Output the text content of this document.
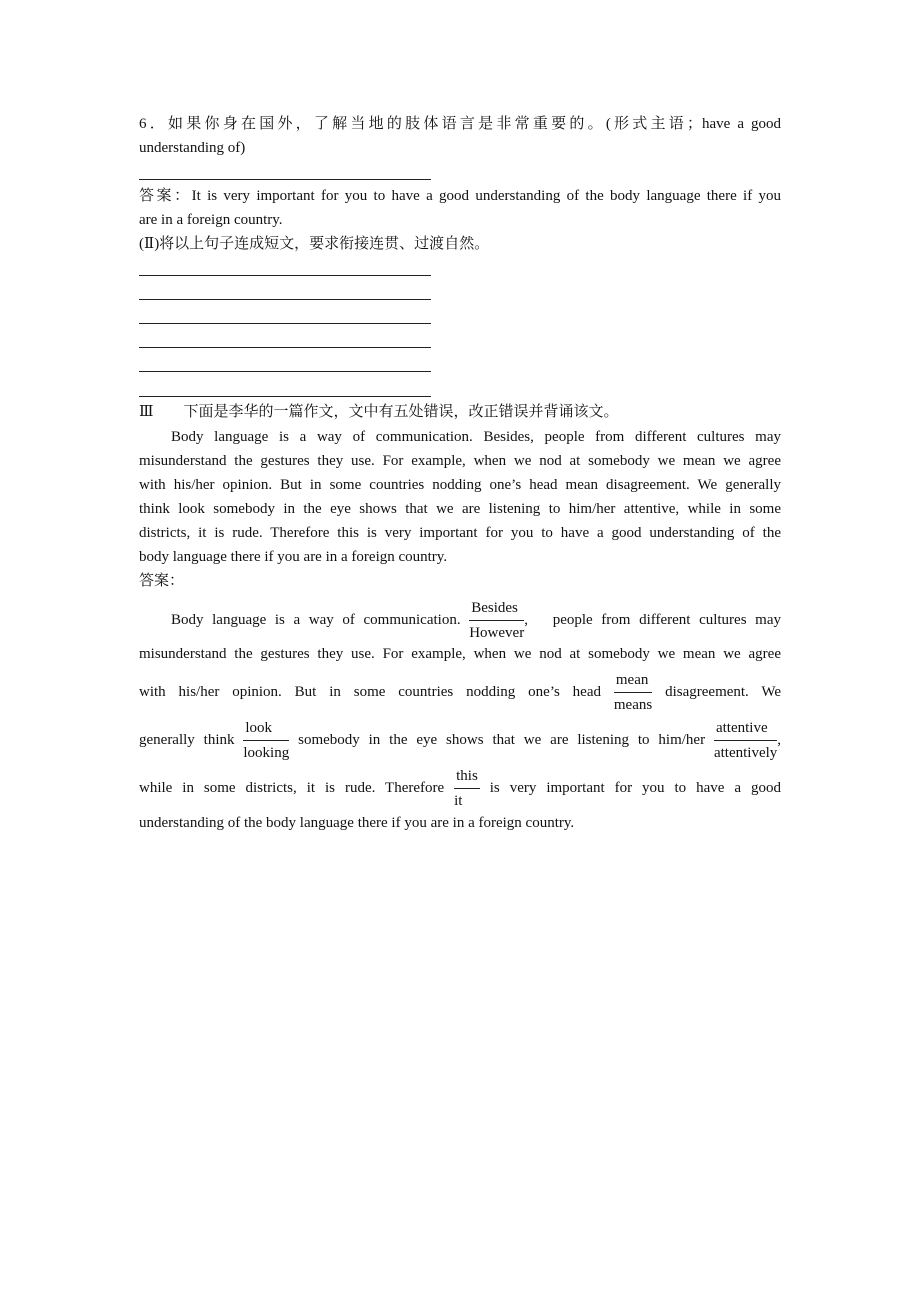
6．如果你身在国外，了解当地的肢体语言是非常重要的。(形式主语；have a good
understanding of)
答案：It is very important for you to have a good understanding of the body language there if you
are in a foreign country.
(Ⅱ)将以上句子连成短文，要求衔接连贯、过渡自然。
Ⅲ　　下面是李华的一篇作文，文中有五处错误，改正错误并背诵该文。
Body language is a way of communication. Besides, people from different cultures may
misunderstand the gestures they use. For example, when we nod at somebody we mean we agree
with his/her opinion. But in some countries nodding one’s head mean disagreement. We generally
think look somebody in the eye shows that we are listening to him/her attentive, while in some
districts, it is rude. Therefore this is very important for you to have a good understanding of the
body language there if you are in a foreign country.
答案：
Body language is a way of communication. $\frac{\text{Besides}}{\text{However}}$ ,　people from different cultures may
misunderstand the gestures they use. For example, when we nod at somebody we mean we agree
with his/her opinion. But in some countries nodding one’s head $\frac{\text{mean}}{\text{means}}$ disagreement. We
generally think $\frac{\text{look}}{\text{looking}}$ somebody in the eye shows that we are listening to $him/her \frac{\text{attentive}}{\text{attentively}}$ ,
while in some districts, it is rude. Therefore $\frac{\text{this}}{it}$ is very important for you to have a good
understanding of the body language there if you are in a foreign country.
